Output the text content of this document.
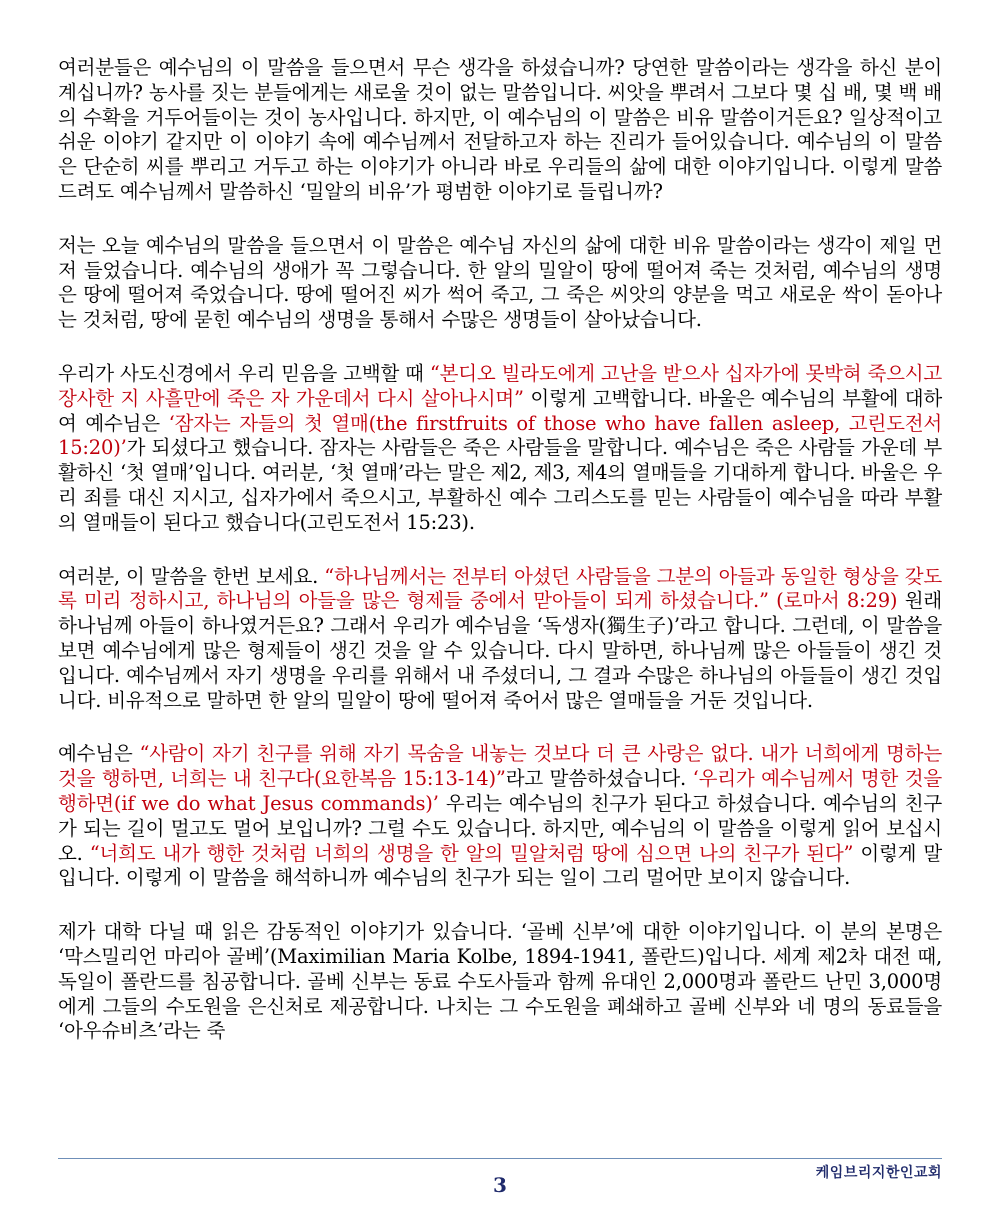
여러분들은 예수님의 이 말씀을 들으면서 무슨 생각을 하셨습니까? 당연한 말씀이라는 생각을 하신 분이 계십니까? 농사를 짓는 분들에게는 새로울 것이 없는 말씀입니다. 씨앗을 뿌려서 그보다 몇 십 배, 몇 백 배의 수확을 거두어들이는 것이 농사입니다. 하지만, 이 예수님의 이 말씀은 비유 말씀이거든요? 일상적이고 쉬운 이야기 같지만 이 이야기 속에 예수님께서 전달하고자 하는 진리가 들어있습니다. 예수님의 이 말씀은 단순히 씨를 뿌리고 거두고 하는 이야기가 아니라 바로 우리들의 삶에 대한 이야기입니다. 이렇게 말씀드려도 예수님께서 말씀하신 ‘밀알의 비유’가 평범한 이야기로 들립니까?

저는 오늘 예수님의 말씀을 들으면서 이 말씀은 예수님 자신의 삶에 대한 비유 말씀이라는 생각이 제일 먼저 들었습니다. 예수님의 생애가 꼭 그렇습니다. 한 알의 밀알이 땅에 떨어져 죽는 것처럼, 예수님의 생명은 땅에 떨어져 죽었습니다. 땅에 떨어진 씨가 썩어 죽고, 그 죽은 씨앗의 양분을 먹고 새로운 싹이 돋아나는 것처럼, 땅에 묻힌 예수님의 생명을 통해서 수많은 생명들이 살아났습니다.

우리가 사도신경에서 우리 믿음을 고백할 때 “본디오 빌라도에게 고난을 받으사 십자가에 못박혀 죽으시고 장사한 지 사흘만에 죽은 자 가운데서 다시 살아나시며” 이렇게 고백합니다. 바울은 예수님의 부활에 대하여 예수님은 ‘잠자는 자들의 첫 열매(the firstfruits of those who have fallen asleep, 고린도전서 15:20)’가 되셨다고 했습니다. 잠자는 사람들은 죽은 사람들을 말합니다. 예수님은 죽은 사람들 가운데 부활하신 ‘첫 열매’입니다. 여러분, ‘첫 열매’라는 말은 제2, 제3, 제4의 열매들을 기대하게 합니다. 바울은 우리 죄를 대신 지시고, 십자가에서 죽으시고, 부활하신 예수 그리스도를 믿는 사람들이 예수님을 따라 부활의 열매들이 된다고 했습니다(고린도전서 15:23).

여러분, 이 말씀을 한번 보세요. “하나님께서는 전부터 아셨던 사람들을 그분의 아들과 동일한 형상을 갖도록 미리 정하시고, 하나님의 아들을 많은 형제들 중에서 맏아들이 되게 하셨습니다.” (로마서 8:29) 원래 하나님께 아들이 하나였거든요? 그래서 우리가 예수님을 ‘독생자(獨生子)’라고 합니다. 그런데, 이 말씀을 보면 예수님에게 많은 형제들이 생긴 것을 알 수 있습니다. 다시 말하면, 하나님께 많은 아들들이 생긴 것입니다. 예수님께서 자기 생명을 우리를 위해서 내 주셨더니, 그 결과 수많은 하나님의 아들들이 생긴 것입니다. 비유적으로 말하면 한 알의 밀알이 땅에 떨어져 죽어서 많은 열매들을 거둔 것입니다.

예수님은 “사람이 자기 친구를 위해 자기 목숨을 내놓는 것보다 더 큰 사랑은 없다. 내가 너희에게 명하는 것을 행하면, 너희는 내 친구다(요한복음 15:13-14)”라고 말씀하셨습니다. ‘우리가 예수님께서 명한 것을 행하면(if we do what Jesus commands)’ 우리는 예수님의 친구가 된다고 하셨습니다. 예수님의 친구가 되는 길이 멀고도 멀어 보입니까? 그럴 수도 있습니다. 하지만, 예수님의 이 말씀을 이렇게 읽어 보십시오. “너희도 내가 행한 것처럼 너희의 생명을 한 알의 밀알처럼 땅에 심으면 나의 친구가 된다” 이렇게 말입니다. 이렇게 이 말씀을 해석하니까 예수님의 친구가 되는 일이 그리 멀어만 보이지 않습니다.

제가 대학 다닐 때 읽은 감동적인 이야기가 있습니다. ‘골베 신부’에 대한 이야기입니다. 이 분의 본명은 ‘막스밀리언 마리아 골베’(Maximilian Maria Kolbe, 1894-1941, 폴란드)입니다. 세계 제2차 대전 때, 독일이 폴란드를 침공합니다. 골베 신부는 동료 수도사들과 함께 유대인 2,000명과 폴란드 난민 3,000명에게 그들의 수도원을 은신처로 제공합니다. 나치는 그 수도원을 폐쇄하고 골베 신부와 네 명의 동료들을 ‘아우슈비츠’라는 죽

케임브리지한인교회
3
